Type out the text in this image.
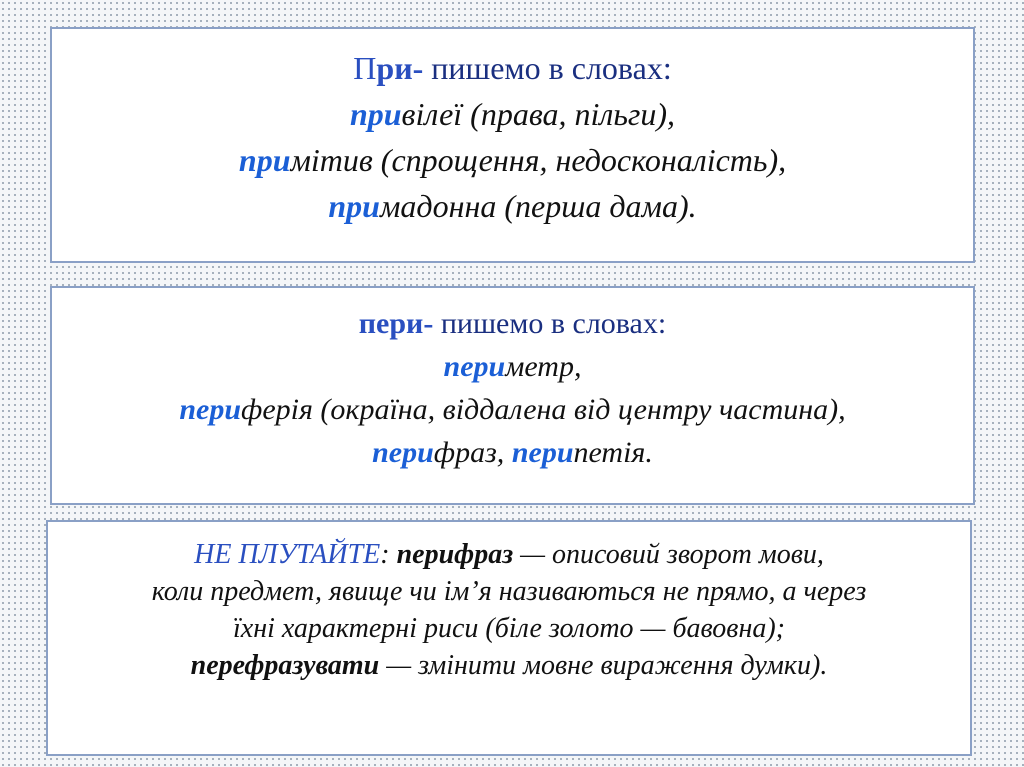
При- пишемо в словах:
привілеї (права, пільги),
примітив (спрощення, недосконалість),
примадонна (перша дама).
пери- пишемо в словах:
периметр,
периферія (окраїна, віддалена від центру частина),
перифраз, перипетія.
НЕ ПЛУТАЙТЕ: перифраз — описовий зворот мови,
коли предмет, явище чи ім’я називаються не прямо, а через
їхні характерні риси (біле золото — бавовна);
перефразувати — змінити мовне вираження думки).
